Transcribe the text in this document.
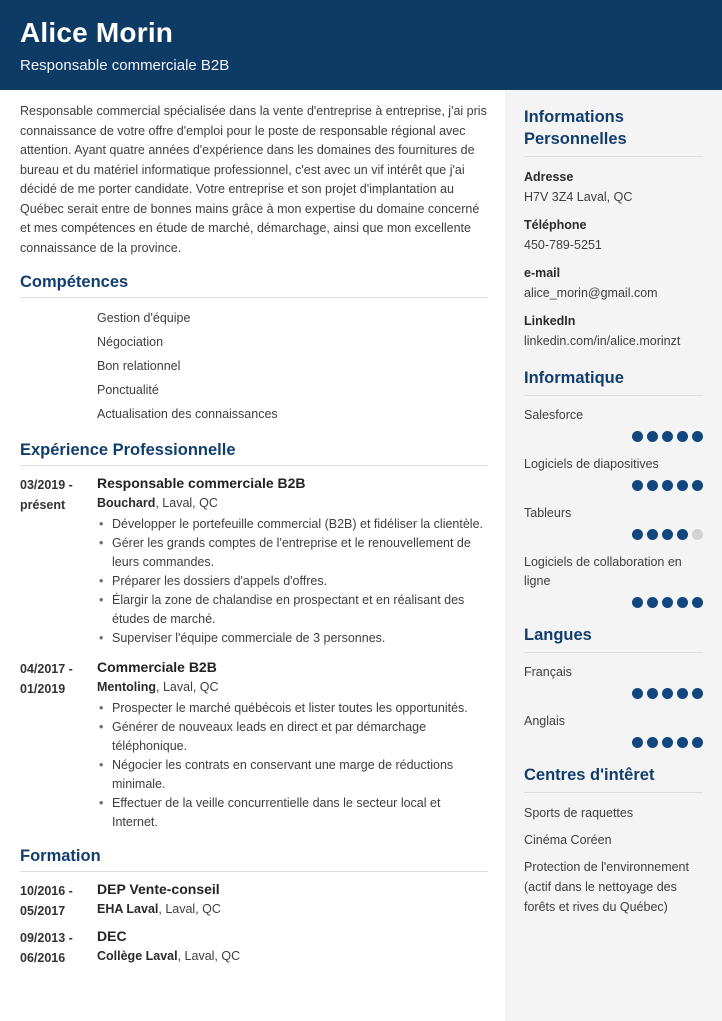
Alice Morin
Responsable commerciale B2B

Responsable commercial spécialisée dans la vente d'entreprise à entreprise, j'ai pris connaissance de votre offre d'emploi pour le poste de responsable régional avec attention. Ayant quatre années d'expérience dans les domaines des fournitures de bureau et du matériel informatique professionnel, c'est avec un vif intérêt que j'ai décidé de me porter candidate. Votre entreprise et son projet d'implantation au Québec serait entre de bonnes mains grâce à mon expertise du domaine concerné et mes compétences en étude de marché, démarchage, ainsi que mon excellente connaissance de la province.

Compétences
Gestion d'équipe
Négociation
Bon relationnel
Ponctualité
Actualisation des connaissances
Expérience Professionnelle
03/2019 -
présent
Responsable commerciale B2B
Bouchard, Laval, QC
• Développer le portefeuille commercial (B2B) et fidéliser la clientèle.
• Gérer les grands comptes de l'entreprise et le renouvellement de leurs commandes.
• Préparer les dossiers d'appels d'offres.
• Élargir la zone de chalandise en prospectant et en réalisant des études de marché.
• Superviser l'équipe commerciale de 3 personnes.
04/2017 -
01/2019
Commerciale B2B
Mentoling, Laval, QC
• Prospecter le marché québécois et lister toutes les opportunités.
• Générer de nouveaux leads en direct et par démarchage téléphonique.
• Négocier les contrats en conservant une marge de réductions minimale.
• Effectuer de la veille concurrentielle dans le secteur local et Internet.
Formation
10/2016 -
05/2017
DEP Vente-conseil
EHA Laval, Laval, QC
09/2013 -
06/2016
DEC
Collège Laval, Laval, QC
Informations Personnelles
Adresse
H7V 3Z4 Laval, QC
Téléphone
450-789-5251
e-mail
alice_morin@gmail.com
LinkedIn
linkedin.com/in/alice.morinzt
Informatique
Salesforce
Logiciels de diapositives
Tableurs
Logiciels de collaboration en ligne
Langues
Français
Anglais
Centres d'intêret
Sports de raquettes
Cinéma Coréen
Protection de l'environnement (actif dans le nettoyage des forêts et rives du Québec)
